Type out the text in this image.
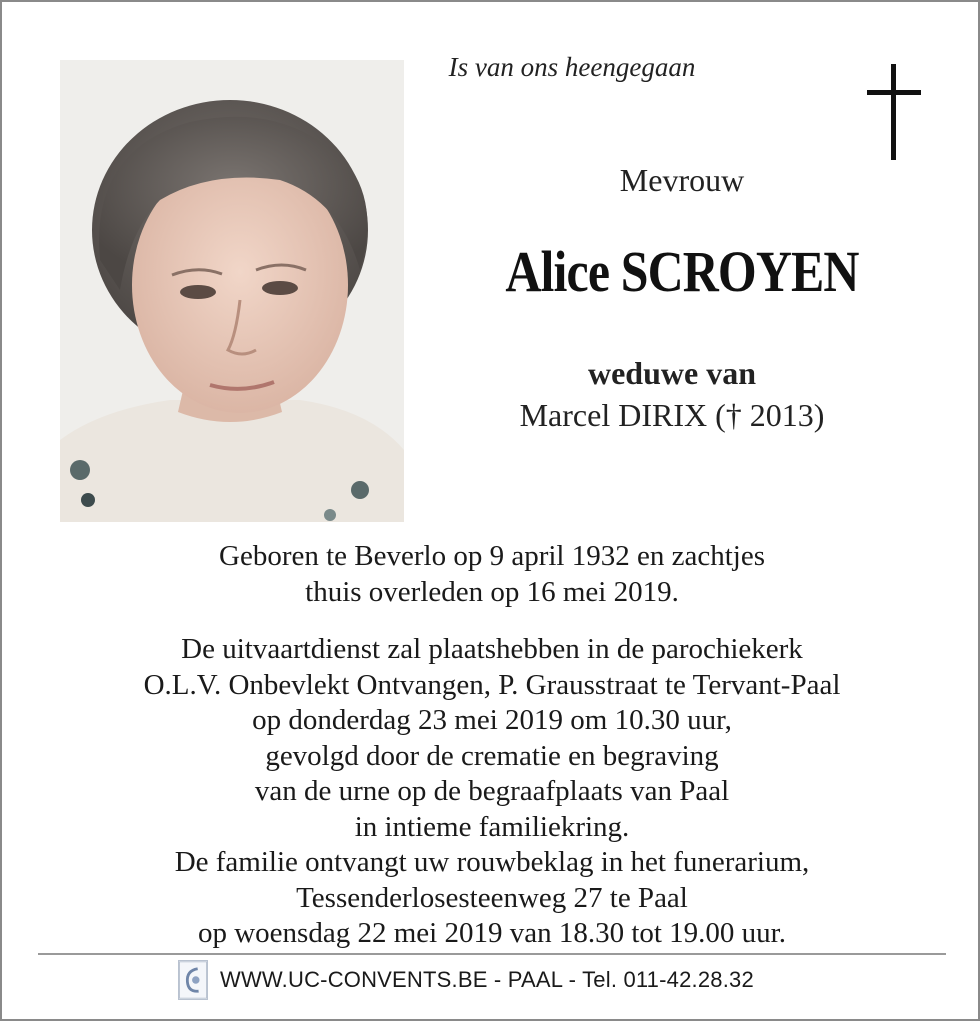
Is van ons heengegaan
Mevrouw
Alice SCROYEN
weduwe van
Marcel DIRIX († 2013)

Geboren te Beverlo op 9 april 1932 en zachtjes

thuis overleden op 16 mei 2019.

De uitvaartdienst zal plaatshebben in de parochiekerk

O.L.V. Onbevlekt Ontvangen, P. Grausstraat te Tervant-Paal

op donderdag 23 mei 2019 om 10.30 uur,

gevolgd door de crematie en begraving

van de urne op de begraafplaats van Paal

in intieme familiekring.

De familie ontvangt uw rouwbeklag in het funerarium,

Tessenderlosesteenweg 27 te Paal

op woensdag 22 mei 2019 van 18.30 tot 19.00 uur.

WWW.UC-CONVENTS.BE - PAAL - Tel. 011-42.28.32
